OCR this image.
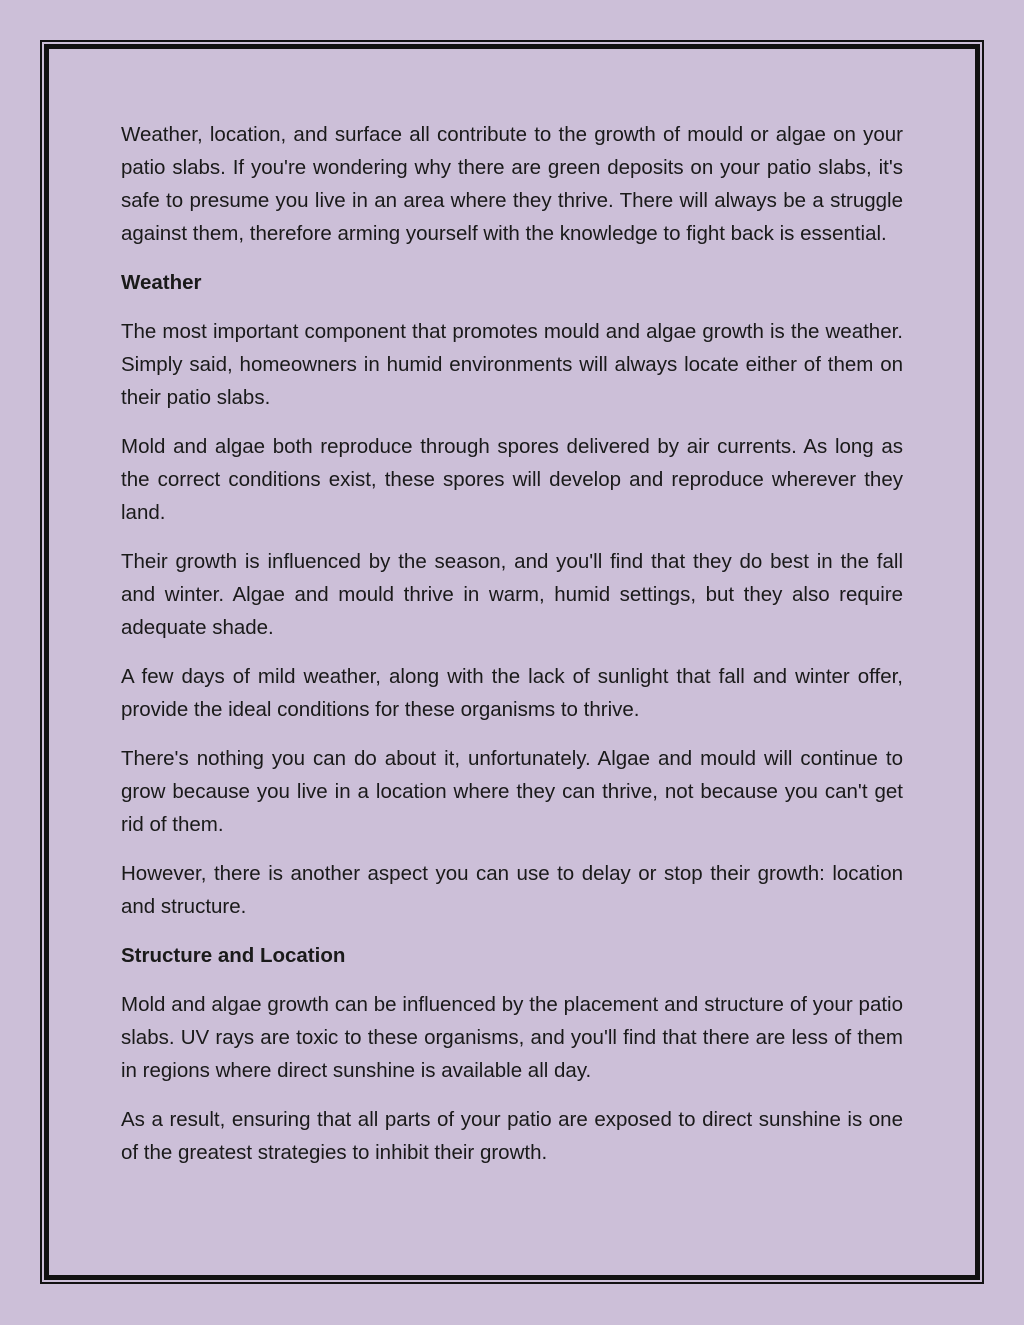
Weather, location, and surface all contribute to the growth of mould or algae on your patio slabs. If you're wondering why there are green deposits on your patio slabs, it's safe to presume you live in an area where they thrive. There will always be a struggle against them, therefore arming yourself with the knowledge to fight back is essential.

Weather

The most important component that promotes mould and algae growth is the weather. Simply said, homeowners in humid environments will always locate either of them on their patio slabs.

Mold and algae both reproduce through spores delivered by air currents. As long as the correct conditions exist, these spores will develop and reproduce wherever they land.

Their growth is influenced by the season, and you'll find that they do best in the fall and winter. Algae and mould thrive in warm, humid settings, but they also require adequate shade.

A few days of mild weather, along with the lack of sunlight that fall and winter offer, provide the ideal conditions for these organisms to thrive.

There's nothing you can do about it, unfortunately. Algae and mould will continue to grow because you live in a location where they can thrive, not because you can't get rid of them.

However, there is another aspect you can use to delay or stop their growth: location and structure.

Structure and Location

Mold and algae growth can be influenced by the placement and structure of your patio slabs. UV rays are toxic to these organisms, and you'll find that there are less of them in regions where direct sunshine is available all day.

As a result, ensuring that all parts of your patio are exposed to direct sunshine is one of the greatest strategies to inhibit their growth.
